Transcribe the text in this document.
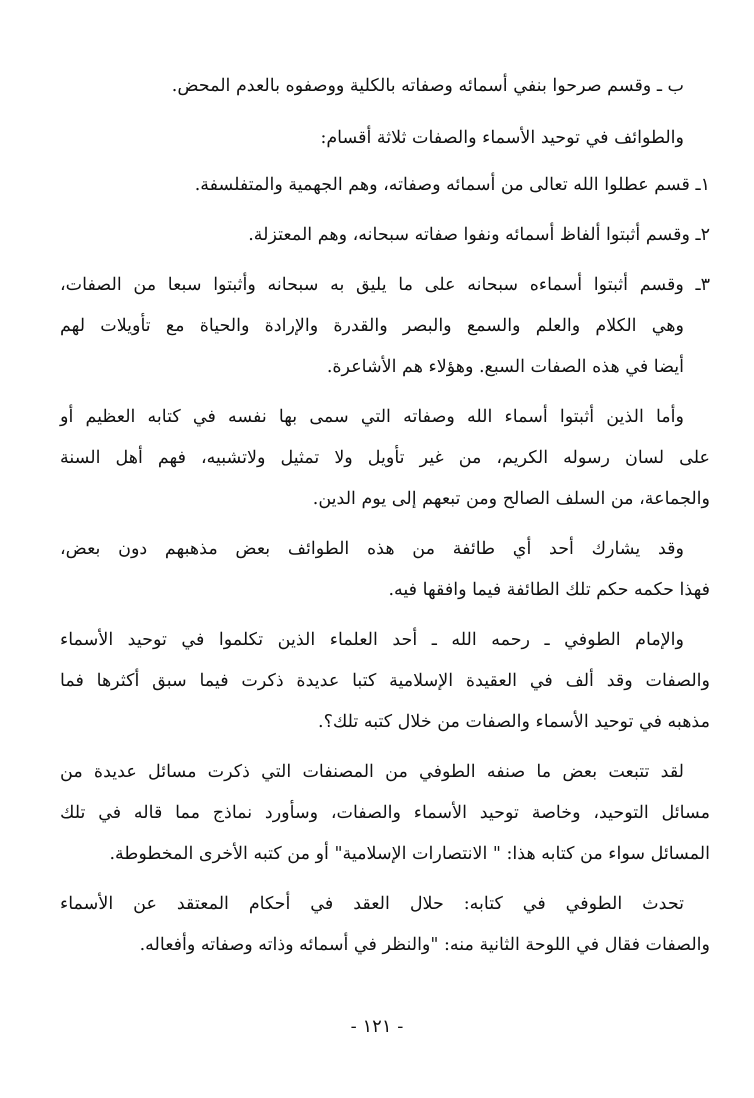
ب ـ وقسم صرحوا بنفي أسمائه وصفاته بالكلية ووصفوه بالعدم المحض.
والطوائف في توحيد الأسماء والصفات ثلاثة أقسام:
١ـ قسم عطلوا الله تعالى من أسمائه وصفاته، وهم الجهمية والمتفلسفة.
٢ـ وقسم أثبتوا ألفاظ أسمائه ونفوا صفاته سبحانه، وهم المعتزلة.
٣ـ وقسم أثبتوا أسماءه سبحانه على ما يليق به سبحانه وأثبتوا سبعا من الصفات،
وهي الكلام والعلم والسمع والبصر والقدرة والإرادة والحياة مع تأويلات لهم
أيضا في هذه الصفات السبع. وهؤلاء هم الأشاعرة.
وأما الذين أثبتوا أسماء الله وصفاته التي سمى بها نفسه في كتابه العظيم أو
على لسان رسوله الكريم، من غير تأويل ولا تمثيل ولاتشبيه، فهم أهل السنة
والجماعة، من السلف الصالح ومن تبعهم إلى يوم الدين.
وقد يشارك أحد أي طائفة من هذه الطوائف بعض مذهبهم دون بعض،
فهذا حكمه حكم تلك الطائفة فيما وافقها فيه.
والإمام الطوفي ـ رحمه الله ـ أحد العلماء الذين تكلموا في توحيد الأسماء
والصفات وقد ألف في العقيدة الإسلامية كتبا عديدة ذكرت فيما سبق أكثرها فما
مذهبه في توحيد الأسماء والصفات من خلال كتبه تلك؟.
لقد تتبعت بعض ما صنفه الطوفي من المصنفات التي ذكرت مسائل عديدة من
مسائل التوحيد، وخاصة توحيد الأسماء والصفات، وسأورد نماذج مما قاله في تلك
المسائل سواء من كتابه هذا: " الانتصارات الإسلامية" أو من كتبه الأخرى المخطوطة.
تحدث الطوفي في كتابه: حلال العقد في أحكام المعتقد عن الأسماء
والصفات فقال في اللوحة الثانية منه: "والنظر في أسمائه وذاته وصفاته وأفعاله.
- ١٢١ -
